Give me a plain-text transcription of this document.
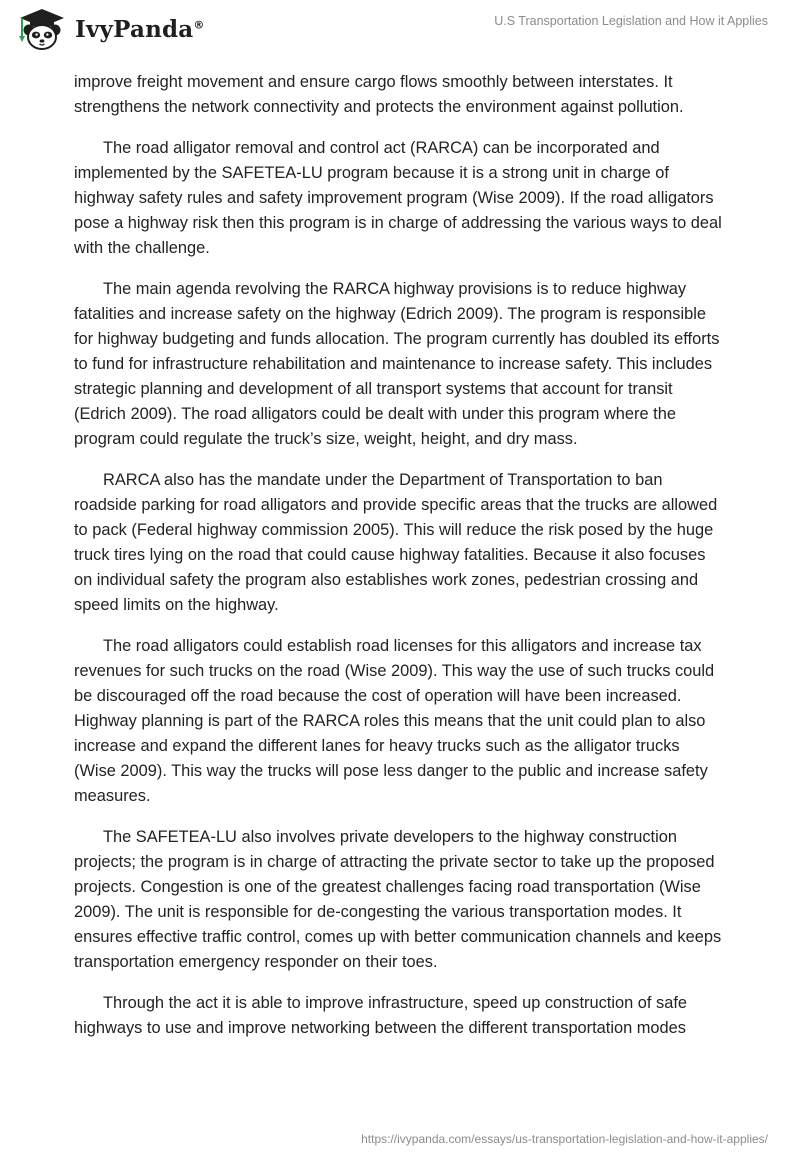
IvyPanda®	U.S Transportation Legislation and How it Applies

improve freight movement and ensure cargo flows smoothly between interstates. It strengthens the network connectivity and protects the environment against pollution.

The road alligator removal and control act (RARCA) can be incorporated and implemented by the SAFETEA-LU program because it is a strong unit in charge of highway safety rules and safety improvement program (Wise 2009). If the road alligators pose a highway risk then this program is in charge of addressing the various ways to deal with the challenge.

The main agenda revolving the RARCA highway provisions is to reduce highway fatalities and increase safety on the highway (Edrich 2009). The program is responsible for highway budgeting and funds allocation. The program currently has doubled its efforts to fund for infrastructure rehabilitation and maintenance to increase safety. This includes strategic planning and development of all transport systems that account for transit (Edrich 2009). The road alligators could be dealt with under this program where the program could regulate the truck’s size, weight, height, and dry mass.

RARCA also has the mandate under the Department of Transportation to ban roadside parking for road alligators and provide specific areas that the trucks are allowed to pack (Federal highway commission 2005). This will reduce the risk posed by the huge truck tires lying on the road that could cause highway fatalities. Because it also focuses on individual safety the program also establishes work zones, pedestrian crossing and speed limits on the highway.

The road alligators could establish road licenses for this alligators and increase tax revenues for such trucks on the road (Wise 2009). This way the use of such trucks could be discouraged off the road because the cost of operation will have been increased. Highway planning is part of the RARCA roles this means that the unit could plan to also increase and expand the different lanes for heavy trucks such as the alligator trucks (Wise 2009). This way the trucks will pose less danger to the public and increase safety measures.

The SAFETEA-LU also involves private developers to the highway construction projects; the program is in charge of attracting the private sector to take up the proposed projects. Congestion is one of the greatest challenges facing road transportation (Wise 2009). The unit is responsible for de-congesting the various transportation modes. It ensures effective traffic control, comes up with better communication channels and keeps transportation emergency responder on their toes.

Through the act it is able to improve infrastructure, speed up construction of safe highways to use and improve networking between the different transportation modes

https://ivypanda.com/essays/us-transportation-legislation-and-how-it-applies/
